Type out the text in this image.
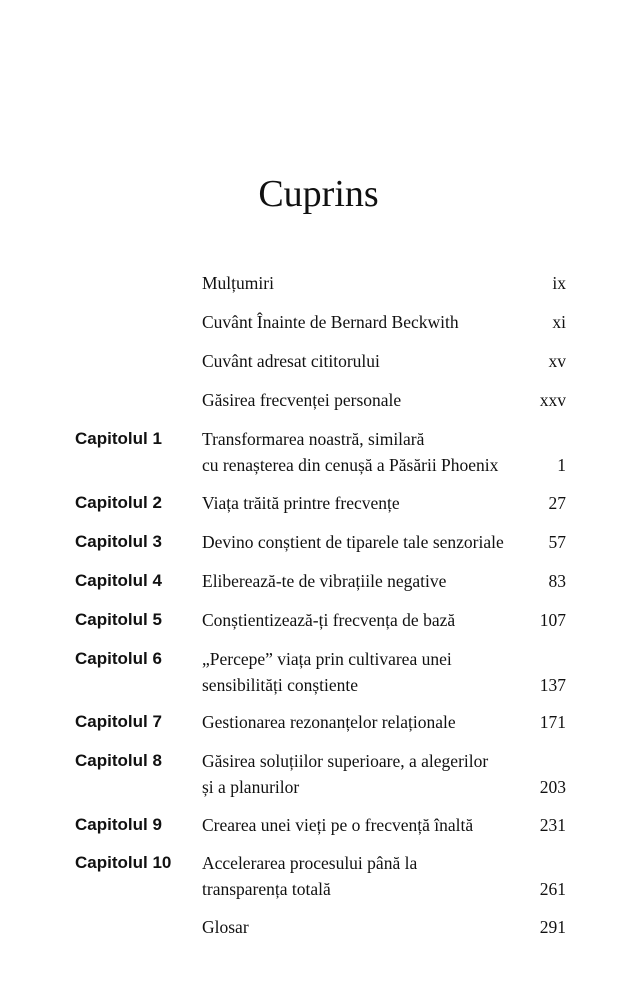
Cuprins
Mulțumiri	ix
Cuvânt Înainte de Bernard Beckwith	xi
Cuvânt adresat cititorului	xv
Găsirea frecvenței personale	xxv
Capitolul 1 Transformarea noastră, similară
cu renașterea din cenușă a Păsării Phoenix	1
Capitolul 2 Viața trăită printre frecvențe	27
Capitolul 3 Devino conștient de tiparele tale senzoriale	57
Capitolul 4 Eliberează-te de vibrațiile negative	83
Capitolul 5 Conștientizează-ți frecvența de bază	107
Capitolul 6 „Percepe” viața prin cultivarea unei
sensibilități conștiente	137
Capitolul 7 Gestionarea rezonanțelor relaționale	171
Capitolul 8 Găsirea soluțiilor superioare, a alegerilor
și a planurilor	203
Capitolul 9 Crearea unei vieți pe o frecvență înaltă	231
Capitolul 10 Accelerarea procesului până la
transparența totală	261
Glosar	291
